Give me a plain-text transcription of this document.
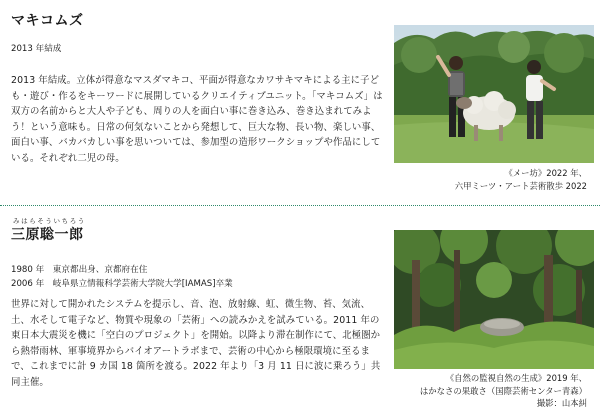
マキコムズ
2013 年結成
2013 年結成。立体が得意なマスダマキコ、平面が得意なカワサキマキによる主に子ども・遊び・作るをキーワードに展開しているクリエイティブユニット。「マキコムズ」は双方の名前からと大人や子ども、周りの人を面白い事に巻き込み、巻き込まれてみよう！という意味も。日常の何気ないことから発想して、巨大な物、長い物、楽しい事、面白い事、バカバカしい事を思いついては、参加型の造形ワークショップや作品にしている。それぞれ二児の母。
《メー坊》2022 年、
六甲ミーツ・アート芸術散歩 2022
みはらそういちろう
三原聡一郎
1980 年　東京都出身、京都府在住
2006 年　岐阜県立情報科学芸術大学院大学[IAMAS]卒業
世界に対して開かれたシステムを提示し、音、泡、放射線、虹、微生物、苔、気流、土、水そして電子など、物質や現象の「芸術」への読みかえを試みている。2011 年の東日本大震災を機に「空白のプロジェクト」を開始。以降より滞在制作にて、北極圏から熱帯雨林、軍事境界からバイオアートラボまで、芸術の中心から極限環境に至るまで、これまでに計 9 カ国 18 箇所を渡る。2022 年より「3 月 11 日に波に乗ろう」共同主催。	《自然の監視自然の生成》2019 年、
はかなさの果敢さ（国際芸術センター青森）
撮影：山本糾
